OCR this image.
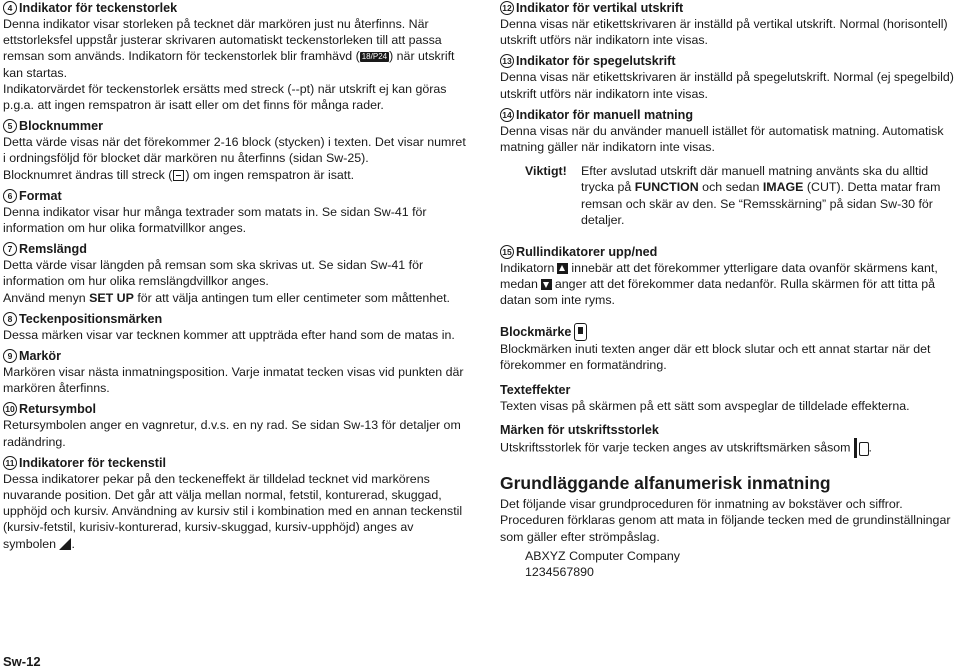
4 Indikator för teckenstorlek

Denna indikator visar storleken på tecknet där markören just nu återfinns. När ettstorleksfel uppstår justerar skrivaren automatiskt teckenstorleken till att passa remsan som används. Indikatorn för teckenstorlek blir framhävd ( 18/P24 ) när utskrift kan startas.

Indikatorvärdet för teckenstorlek ersätts med streck (--pt) när utskrift ej kan göras p.g.a. att ingen remspatron är isatt eller om det finns för många rader.

5 Blocknummer

Detta värde visas när det förekommer 2-16 block (stycken) i texten. Det visar numret i ordningsföljd för blocket där markören nu återfinns (sidan Sw-25).

Blocknumret ändras till streck ( ) om ingen remspatron är isatt.

6 Format

Denna indikator visar hur många textrader som matats in. Se sidan Sw-41 för information om hur olika formatvillkor anges.

7 Remslängd

Detta värde visar längden på remsan som ska skrivas ut. Se sidan Sw-41 för information om hur olika remslängdvillkor anges.

Använd menyn SET UP för att välja antingen tum eller centimeter som måttenhet.

8 Teckenpositionsmärken

Dessa märken visar var tecknen kommer att uppträda efter hand som de matas in.

9 Markör

Markören visar nästa inmatningsposition. Varje inmatat tecken visas vid punkten där markören återfinns.

10 Retursymbol

Retursymbolen anger en vagnretur, d.v.s. en ny rad. Se sidan Sw-13 för detaljer om radändring.

11 Indikatorer för teckenstil

Dessa indikatorer pekar på den teckeneffekt är tilldelad tecknet vid markörens nuvarande position. Det går att välja mellan normal, fetstil, konturerad, skuggad, upphöjd och kursiv. Användning av kursiv stil i kombination med en annan teckenstil (kursiv-fetstil, kurisiv-konturerad, kursiv-skuggad, kursiv-upphöjd) anges av symbolen .

12 Indikator för vertikal utskrift

Denna visas när etikettskrivaren är inställd på vertikal utskrift. Normal (horisontell) utskrift utförs när indikatorn inte visas.

13 Indikator för spegelutskrift

Denna visas när etikettskrivaren är inställd på spegelutskrift. Normal (ej spegelbild) utskrift utförs när indikatorn inte visas.

14 Indikator för manuell matning

Denna visas när du använder manuell istället för automatisk matning. Automatisk matning gäller när indikatorn inte visas.

Viktigt!	Efter avslutad utskrift där manuell matning använts ska du alltid trycka på FUNCTION och sedan IMAGE (CUT). Detta matar fram remsan och skär av den. Se “Remsskärning” på sidan Sw-30 för detaljer.

15 Rullindikatorer upp/ned

Indikatorn innebär att det förekommer ytterligare data ovanför skärmens kant, medan anger att det förekommer data nedanför. Rulla skärmen för att titta på datan som inte ryms.

Blockmärke

Blockmärken inuti texten anger där ett block slutar och ett annat startar när det förekommer en formatändring.

Texteffekter

Texten visas på skärmen på ett sätt som avspeglar de tilldelade effekterna.

Märken för utskriftsstorlek

Utskriftsstorlek för varje tecken anges av utskriftsmärken såsom .

Grundläggande alfanumerisk inmatning

Det följande visar grundproceduren för inmatning av bokstäver och siffror. Proceduren förklaras genom att mata in följande tecken med de grundinställningar som gäller efter strömpåslag.

ABXYZ Computer Company

1234567890

Sw-12
